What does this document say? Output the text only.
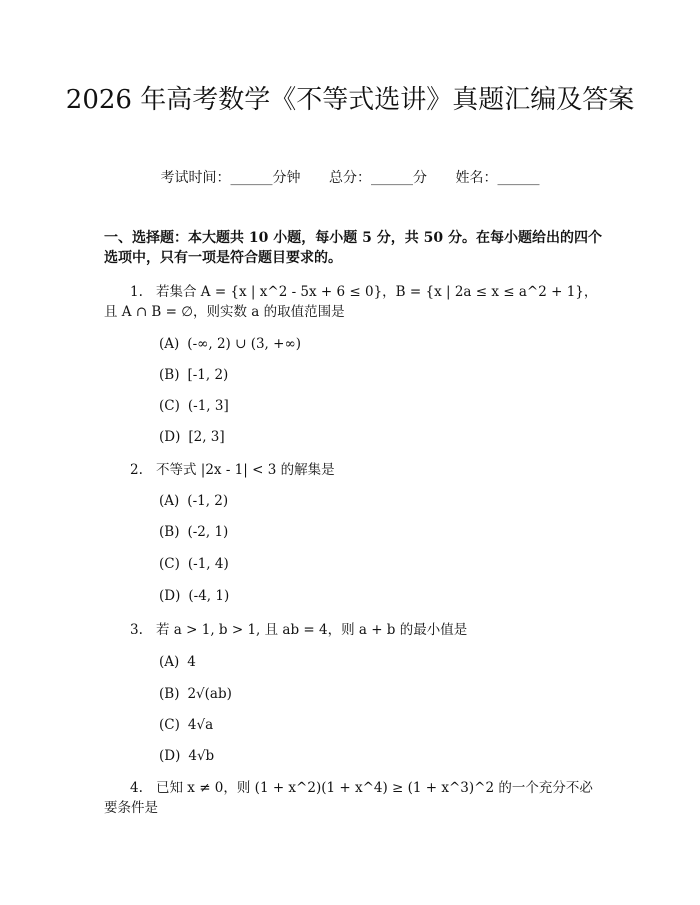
2026 年高考数学《不等式选讲》真题汇编及答案
考试时间：______分钟 总分：______分 姓名：______
一、选择题：本大题共 10 小题，每小题 5 分，共 50 分。在每小题给出的四个选项中，只有一项是符合题目要求的。
1. 若集合 A = {x | x^2 - 5x + 6 ≤ 0}，B = {x | 2a ≤ x ≤ a^2 + 1}，且 A ∩ B = ∅，则实数 a 的取值范围是
(A) (-∞, 2) ∪ (3, +∞)
(B) [-1, 2)
(C) (-1, 3]
(D) [2, 3]
2. 不等式 |2x - 1| < 3 的解集是
(A) (-1, 2)
(B) (-2, 1)
(C) (-1, 4)
(D) (-4, 1)
3. 若 a > 1, b > 1, 且 ab = 4，则 a + b 的最小值是
(A) 4
(B) 2√(ab)
(C) 4√a
(D) 4√b
4. 已知 x ≠ 0，则 (1 + x^2)(1 + x^4) ≥ (1 + x^3)^2 的一个充分不必要条件是
